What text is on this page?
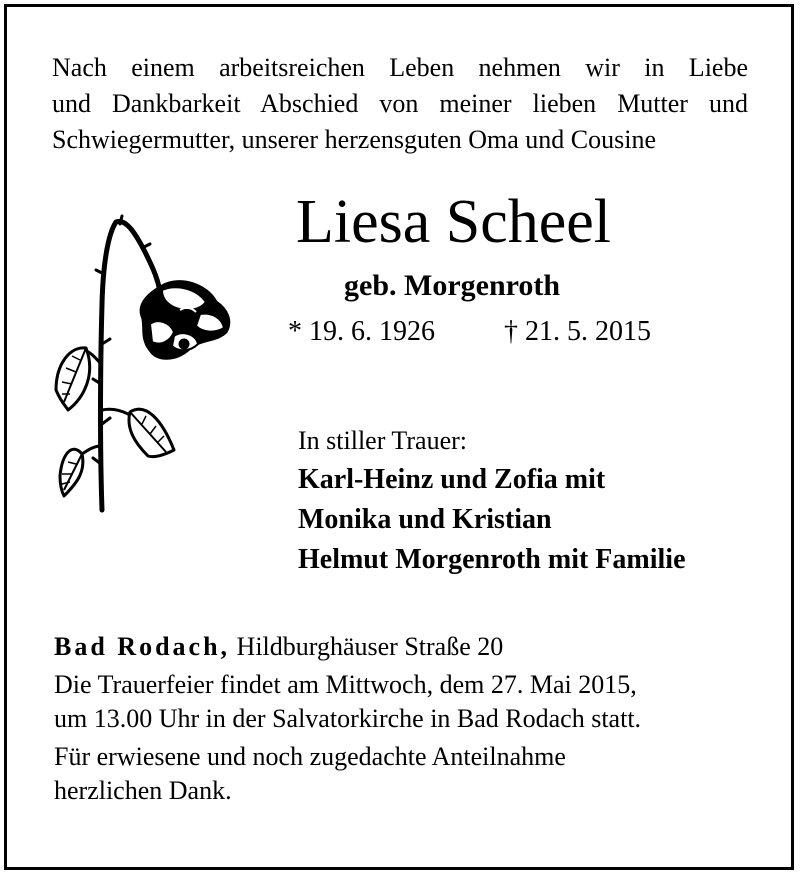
Nach einem arbeitsreichen Leben nehmen wir in Liebe
und Dankbarkeit Abschied von meiner lieben Mutter und
Schwiegermutter, unserer herzensguten Oma und Cousine

Liesa Scheel
geb. Morgenroth
* 19. 6. 1926 † 21. 5. 2015
In stiller Trauer:
Karl-Heinz und Zofia mit
Monika und Kristian
Helmut Morgenroth mit Familie
Bad Rodach, Hildburghäuser Straße 20
Die Trauerfeier findet am Mittwoch, dem 27. Mai 2015,
um 13.00 Uhr in der Salvatorkirche in Bad Rodach statt.
Für erwiesene und noch zugedachte Anteilnahme
herzlichen Dank.
